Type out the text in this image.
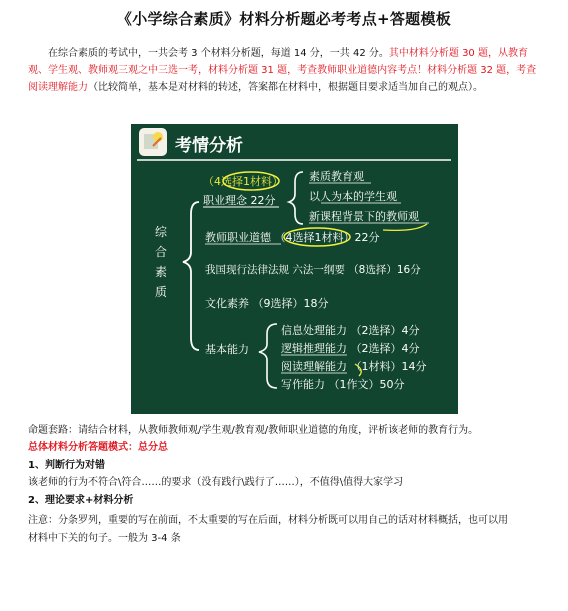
《小学综合素质》材料分析题必考考点+答题模板
在综合素质的考试中，一共会考 3 个材料分析题，每道 14 分，一共 42 分。其中材料分析题 30 题，从教育观、学生观、教师观三观之中三选一考，材料分析题 31 题，考查教师职业道德内容考点！材料分析题 32 题，考查阅读理解能力（比较简单，基本是对材料的转述，答案都在材料中，根据题目要求适当加自己的观点）。
考情分析
综
合
素
质
（4选择1材料）
职业理念 22分
素质教育观
以人为本的学生观
新课程背景下的教师观
教师职业道德 （4选择1材料）22分
我国现行法律法规 六法一纲要 （8选择）16分
文化素养 （9选择）18分
基本能力
信息处理能力 （2选择）4分
逻辑推理能力 （2选择）4分
阅读理解能力 （1材料）14分
写作能力 （1作文）50分
命题套路：请结合材料，从教师教师观/学生观/教育观/教师职业道德的角度，评析该老师的教育行为。
总体材料分析答题模式：总分总
1、判断行为对错
该老师的行为不符合\符合……的要求（没有践行\践行了……），不值得\值得大家学习
2、理论要求+材料分析
注意：分条罗列，重要的写在前面，不太重要的写在后面，材料分析既可以用自己的话对材料概括，也可以用
材料中下关的句子。一般为 3-4 条
